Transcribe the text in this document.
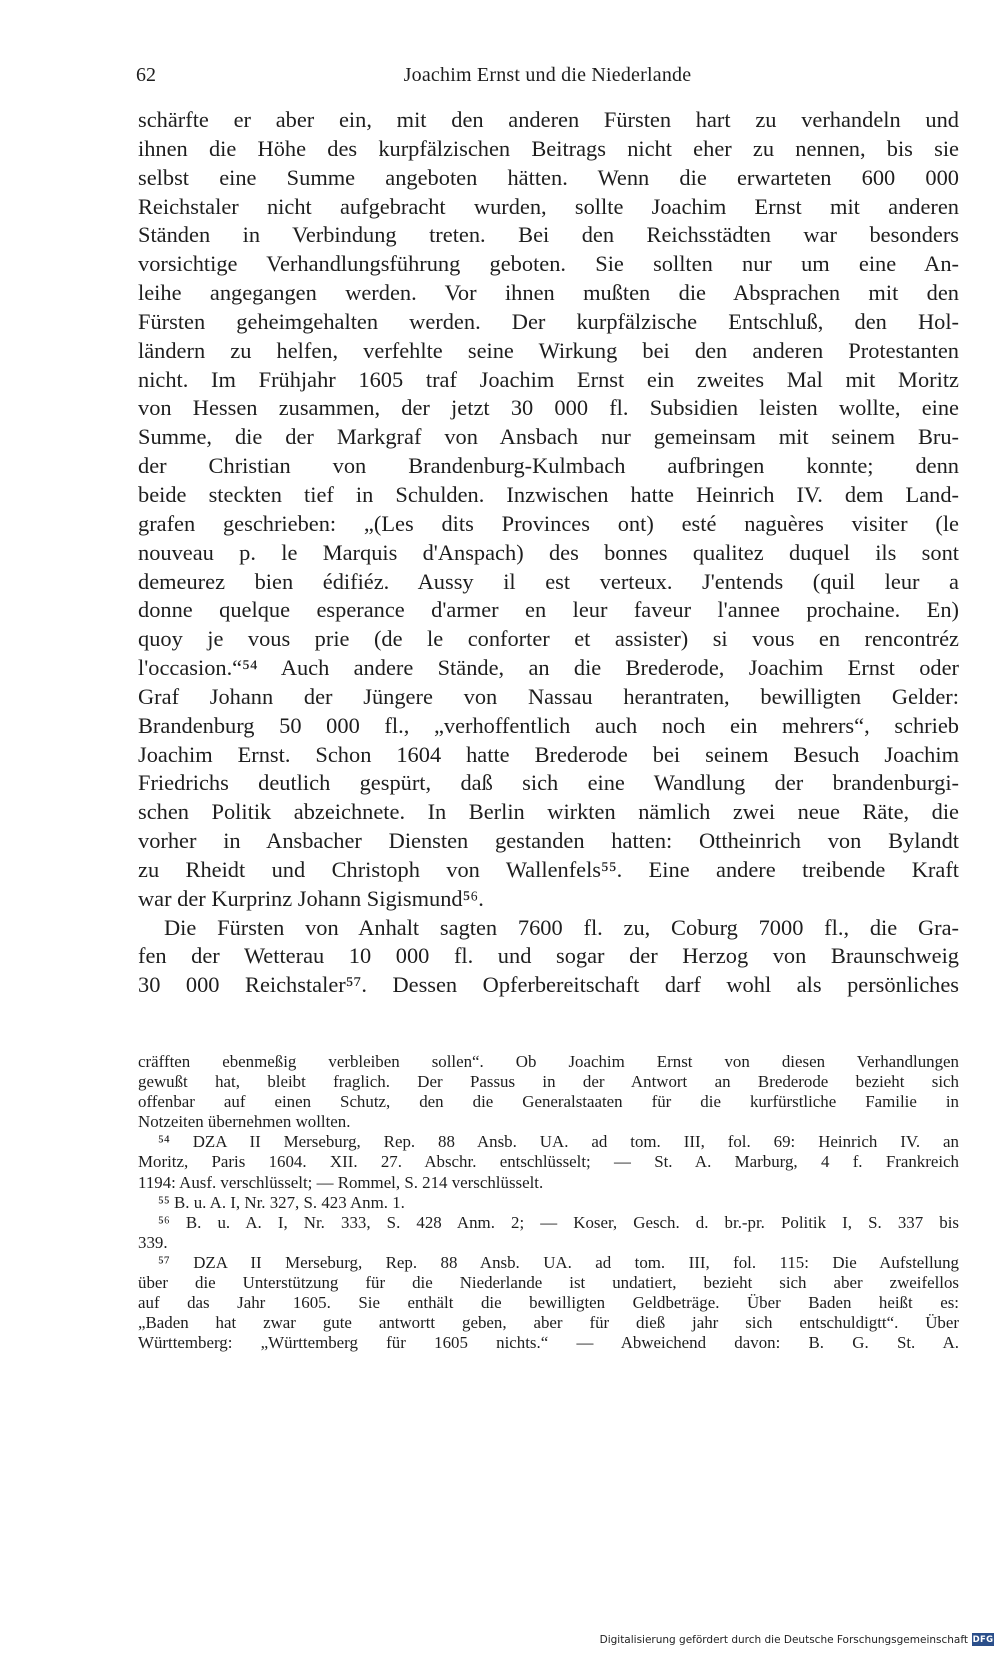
62	Joachim Ernst und die Niederlande
schärfte er aber ein, mit den anderen Fürsten hart zu verhandeln und
ihnen die Höhe des kurpfälzischen Beitrags nicht eher zu nennen, bis sie
selbst eine Summe angeboten hätten. Wenn die erwarteten 600 000
Reichstaler nicht aufgebracht wurden, sollte Joachim Ernst mit anderen
Ständen in Verbindung treten. Bei den Reichsstädten war besonders
vorsichtige Verhandlungsführung geboten. Sie sollten nur um eine An-
leihe angegangen werden. Vor ihnen mußten die Absprachen mit den
Fürsten geheimgehalten werden. Der kurpfälzische Entschluß, den Hol-
ländern zu helfen, verfehlte seine Wirkung bei den anderen Protestanten
nicht. Im Frühjahr 1605 traf Joachim Ernst ein zweites Mal mit Moritz
von Hessen zusammen, der jetzt 30 000 fl. Subsidien leisten wollte, eine
Summe, die der Markgraf von Ansbach nur gemeinsam mit seinem Bru-
der Christian von Brandenburg-Kulmbach aufbringen konnte; denn
beide steckten tief in Schulden. Inzwischen hatte Heinrich IV. dem Land-
grafen geschrieben: „(Les dits Provinces ont) esté naguères visiter (le
nouveau p. le Marquis d'Anspach) des bonnes qualitez duquel ils sont
demeurez bien édifiéz. Aussy il est verteux. J'entends (quil leur a
donne quelque esperance d'armer en leur faveur l'annee prochaine. En)
quoy je vous prie (de le conforter et assister) si vous en rencontréz
l'occasion.“⁵⁴ Auch andere Stände, an die Brederode, Joachim Ernst oder
Graf Johann der Jüngere von Nassau herantraten, bewilligten Gelder:
Brandenburg 50 000 fl., „verhoffentlich auch noch ein mehrers“, schrieb
Joachim Ernst. Schon 1604 hatte Brederode bei seinem Besuch Joachim
Friedrichs deutlich gespürt, daß sich eine Wandlung der brandenburgi-
schen Politik abzeichnete. In Berlin wirkten nämlich zwei neue Räte, die
vorher in Ansbacher Diensten gestanden hatten: Ottheinrich von Bylandt
zu Rheidt und Christoph von Wallenfels⁵⁵. Eine andere treibende Kraft
war der Kurprinz Johann Sigismund⁵⁶.
Die Fürsten von Anhalt sagten 7600 fl. zu, Coburg 7000 fl., die Gra-
fen der Wetterau 10 000 fl. und sogar der Herzog von Braunschweig
30 000 Reichstaler⁵⁷. Dessen Opferbereitschaft darf wohl als persönliches
cräfften ebenmeßig verbleiben sollen“. Ob Joachim Ernst von diesen Verhandlungen
gewußt hat, bleibt fraglich. Der Passus in der Antwort an Brederode bezieht sich
offenbar auf einen Schutz, den die Generalstaaten für die kurfürstliche Familie in
Notzeiten übernehmen wollten.
⁵⁴ DZA II Merseburg, Rep. 88 Ansb. UA. ad tom. III, fol. 69: Heinrich IV. an
Moritz, Paris 1604. XII. 27. Abschr. entschlüsselt; — St. A. Marburg, 4 f. Frankreich
1194: Ausf. verschlüsselt; — Rommel, S. 214 verschlüsselt.
⁵⁵ B. u. A. I, Nr. 327, S. 423 Anm. 1.
⁵⁶ B. u. A. I, Nr. 333, S. 428 Anm. 2; — Koser, Gesch. d. br.-pr. Politik I, S. 337 bis
339.
⁵⁷ DZA II Merseburg, Rep. 88 Ansb. UA. ad tom. III, fol. 115: Die Aufstellung
über die Unterstützung für die Niederlande ist undatiert, bezieht sich aber zweifellos
auf das Jahr 1605. Sie enthält die bewilligten Geldbeträge. Über Baden heißt es:
„Baden hat zwar gute antwortt geben, aber für dieß jahr sich entschuldigtt“. Über
Württemberg: „Württemberg für 1605 nichts.“ — Abweichend davon: B. G. St. A.
Digitalisierung gefördert durch die Deutsche Forschungsgemeinschaft DFG
